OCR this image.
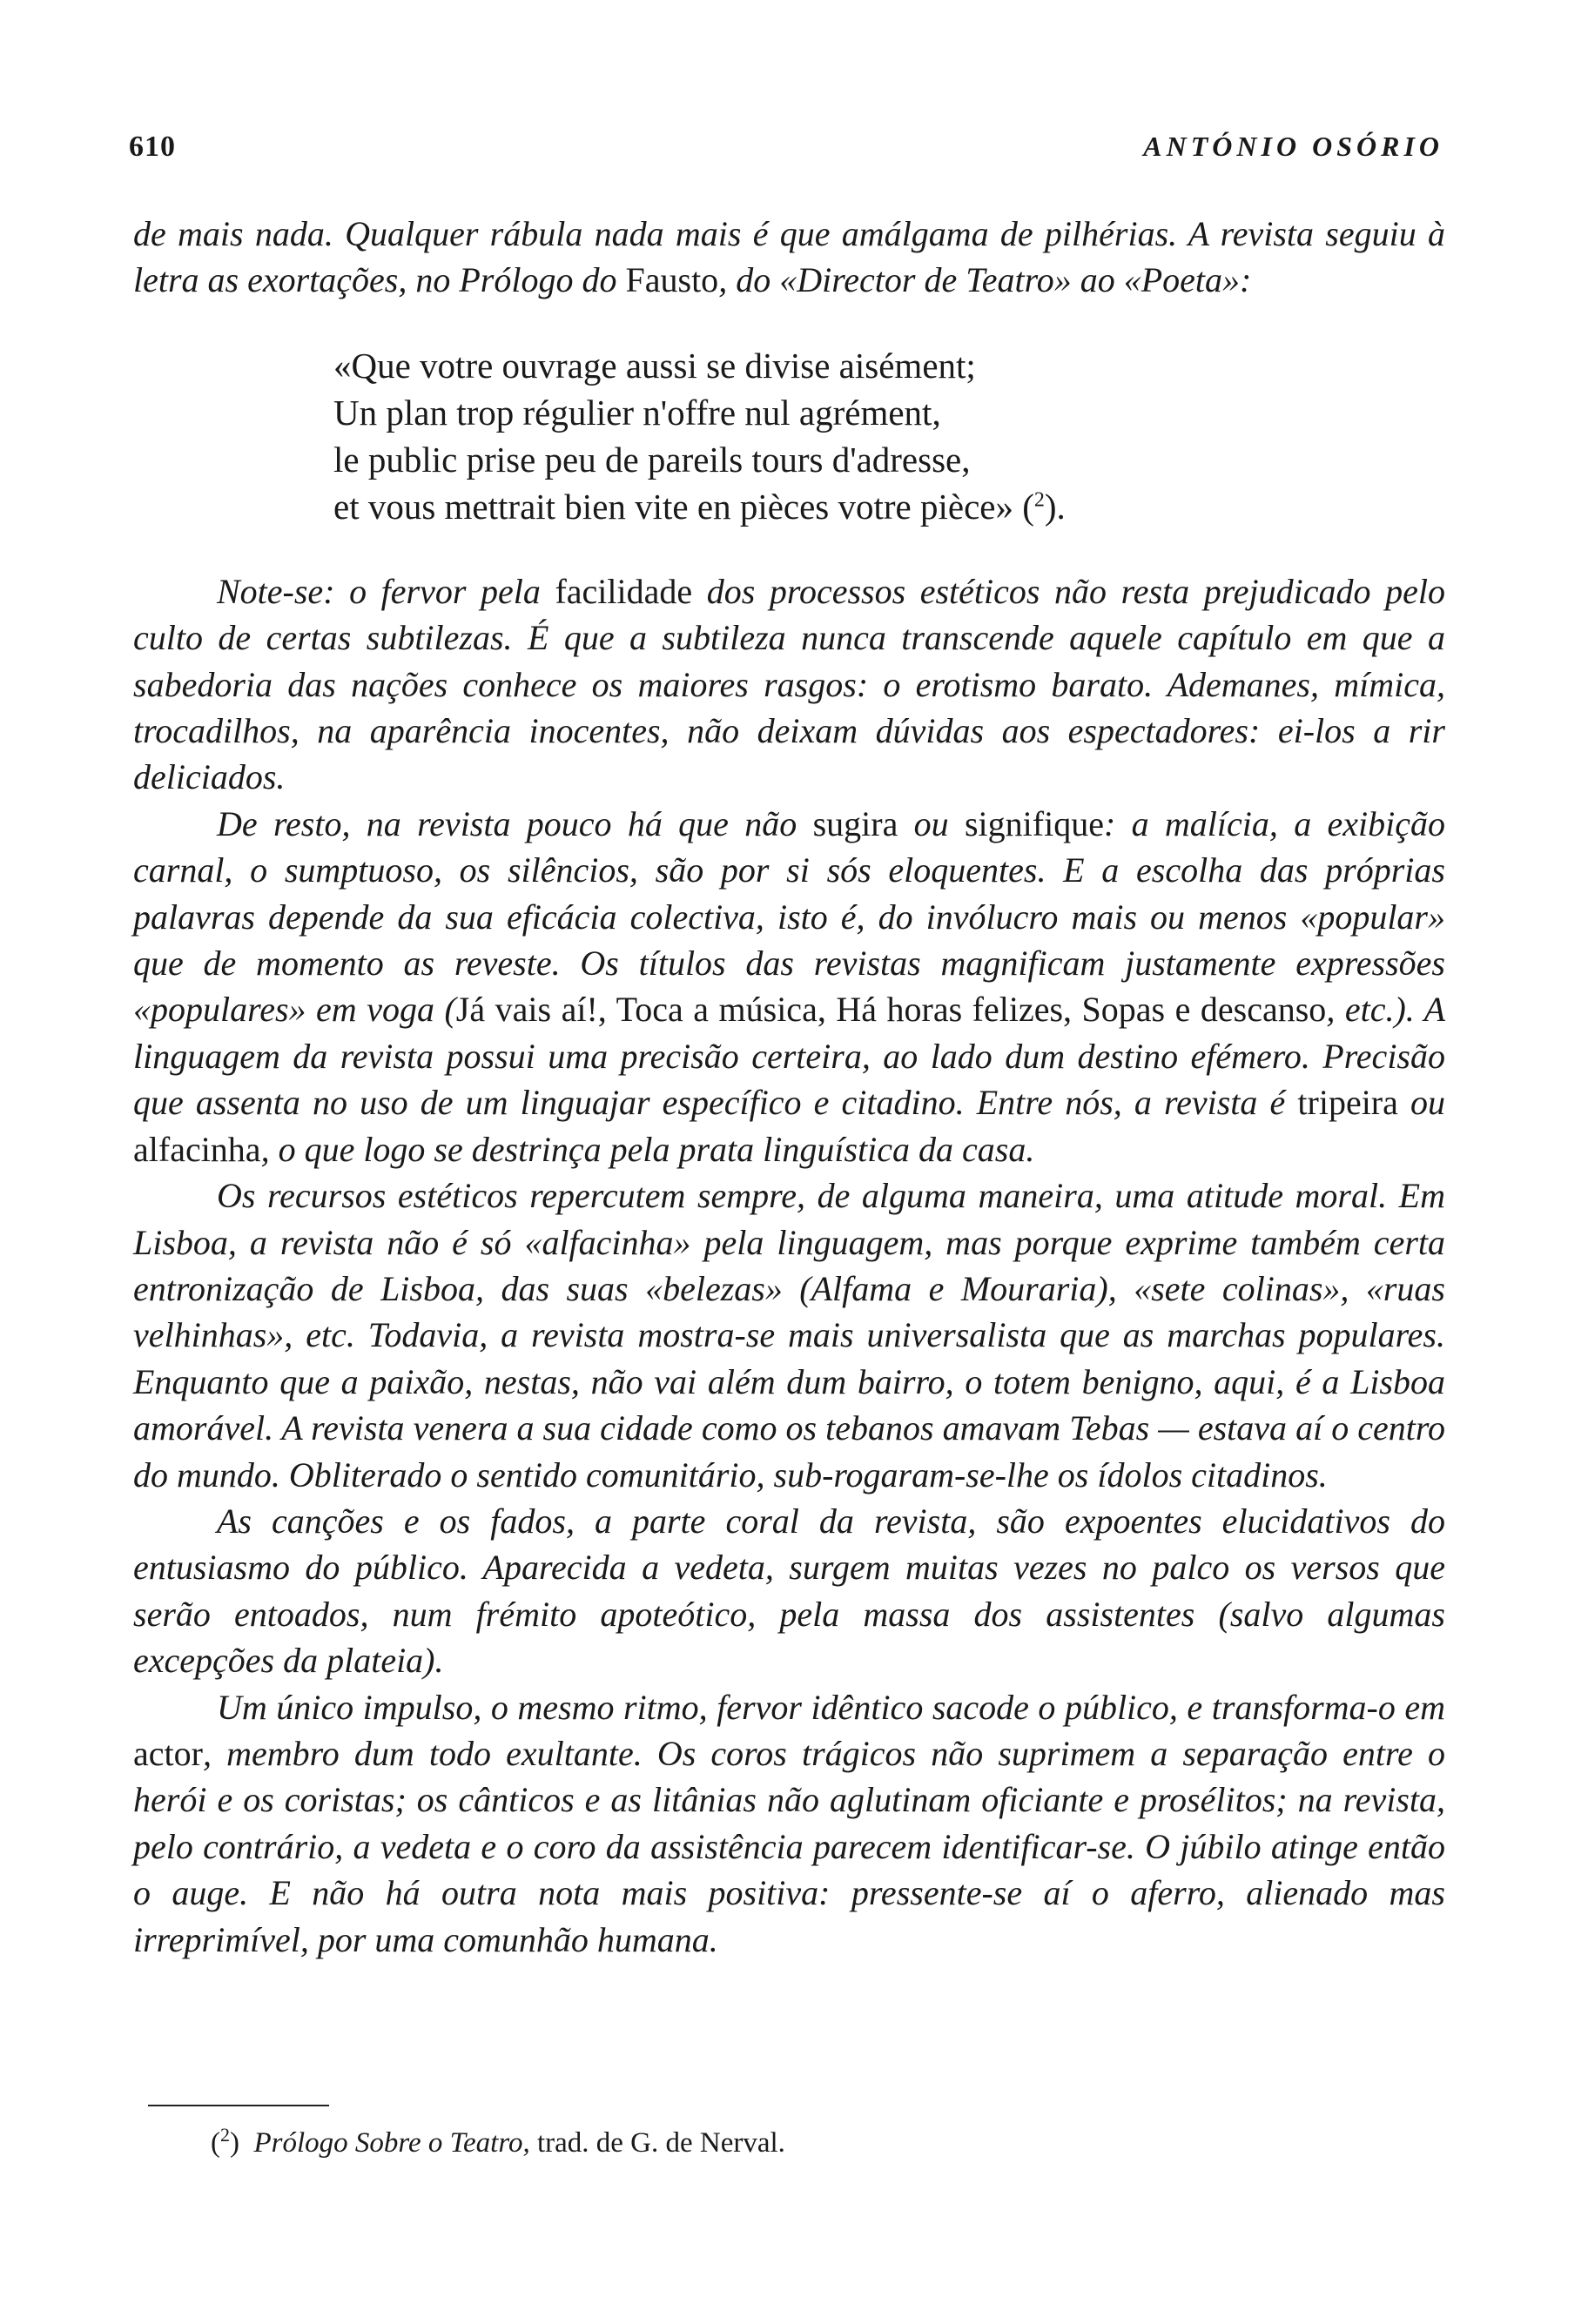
610	ANTÓNIO OSÓRIO

de mais nada. Qualquer rábula nada mais é que amálgama de pilhérias. A revista seguiu à letra as exortações, no Prólogo do Fausto, do «Director de Teatro» ao «Poeta»:

«Que votre ouvrage aussi se divise aisément;
Un plan trop régulier n'offre nul agrément,
le public prise peu de pareils tours d'adresse,
et vous mettrait bien vite en pièces votre pièce» ($^2$).

Note-se: o fervor pela facilidade dos processos estéticos não resta prejudicado pelo culto de certas subtilezas. É que a subtileza nunca transcende aquele capítulo em que a sabedoria das nações conhece os maiores rasgos: o erotismo barato. Ademanes, mímica, trocadilhos, na aparência inocentes, não deixam dúvidas aos espectadores: ei-los a rir deliciados.

De resto, na revista pouco há que não sugira ou signifique: a malícia, a exibição carnal, o sumptuoso, os silêncios, são por si sós eloquentes. E a escolha das próprias palavras depende da sua eficácia colectiva, isto é, do invólucro mais ou menos «popular» que de momento as reveste. Os títulos das revistas magnificam justamente expressões «populares» em voga (Já vais aí!, Toca a música, Há horas felizes, Sopas e descanso, etc.). A linguagem da revista possui uma precisão certeira, ao lado dum destino efémero. Precisão que assenta no uso de um linguajar específico e citadino. Entre nós, a revista é tripeira ou alfacinha, o que logo se destrinça pela prata linguística da casa.

Os recursos estéticos repercutem sempre, de alguma maneira, uma atitude moral. Em Lisboa, a revista não é só «alfacinha» pela linguagem, mas porque exprime também certa entronização de Lisboa, das suas «belezas» (Alfama e Mouraria), «sete colinas», «ruas velhinhas», etc. Todavia, a revista mostra-se mais universalista que as marchas populares. Enquanto que a paixão, nestas, não vai além dum bairro, o totem benigno, aqui, é a Lisboa amorável. A revista venera a sua cidade como os tebanos amavam Tebas — estava aí o centro do mundo. Obliterado o sentido comunitário, sub-rogaram-se-lhe os ídolos citadinos.

As canções e os fados, a parte coral da revista, são expoentes elucidativos do entusiasmo do público. Aparecida a vedeta, surgem muitas vezes no palco os versos que serão entoados, num frémito apoteótico, pela massa dos assistentes (salvo algumas excepções da plateia).

Um único impulso, o mesmo ritmo, fervor idêntico sacode o público, e transforma-o em actor, membro dum todo exultante. Os coros trágicos não suprimem a separação entre o herói e os coristas; os cânticos e as litânias não aglutinam oficiante e prosélitos; na revista, pelo contrário, a vedeta e o coro da assistência parecem identificar-se. O júbilo atinge então o auge. E não há outra nota mais positiva: pressente-se aí o aferro, alienado mas irreprimível, por uma comunhão humana.

($^2$) Prólogo Sobre o Teatro, trad. de G. de Nerval.
